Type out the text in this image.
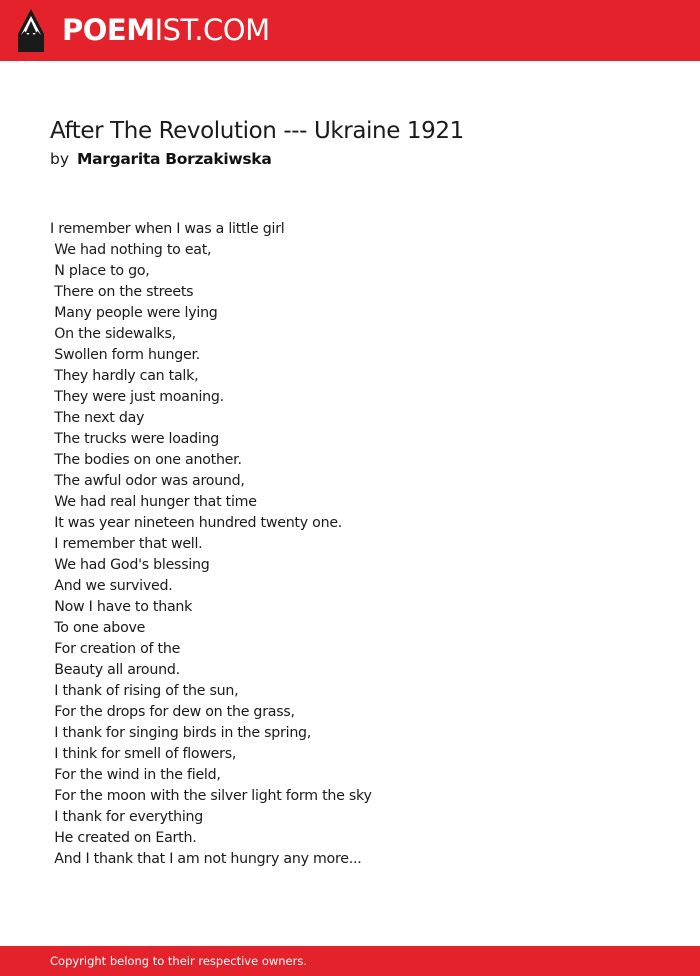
POEMIST.COM
After The Revolution --- Ukraine 1921
by Margarita Borzakiwska
I remember when I was a little girl
We had nothing to eat,
N place to go,
There on the streets
Many people were lying
On the sidewalks,
Swollen form hunger.
They hardly can talk,
They were just moaning.
The next day
The trucks were loading
The bodies on one another.
The awful odor was around,
We had real hunger that time
It was year nineteen hundred twenty one.
I remember that well.
We had God's blessing
And we survived.
Now I have to thank
To one above
For creation of the
Beauty all around.
I thank of rising of the sun,
For the drops for dew on the grass,
I thank for singing birds in the spring,
I think for smell of flowers,
For the wind in the field,
For the moon with the silver light form the sky
I thank for everything
He created on Earth.
And I thank that I am not hungry any more...
Copyright belong to their respective owners.
